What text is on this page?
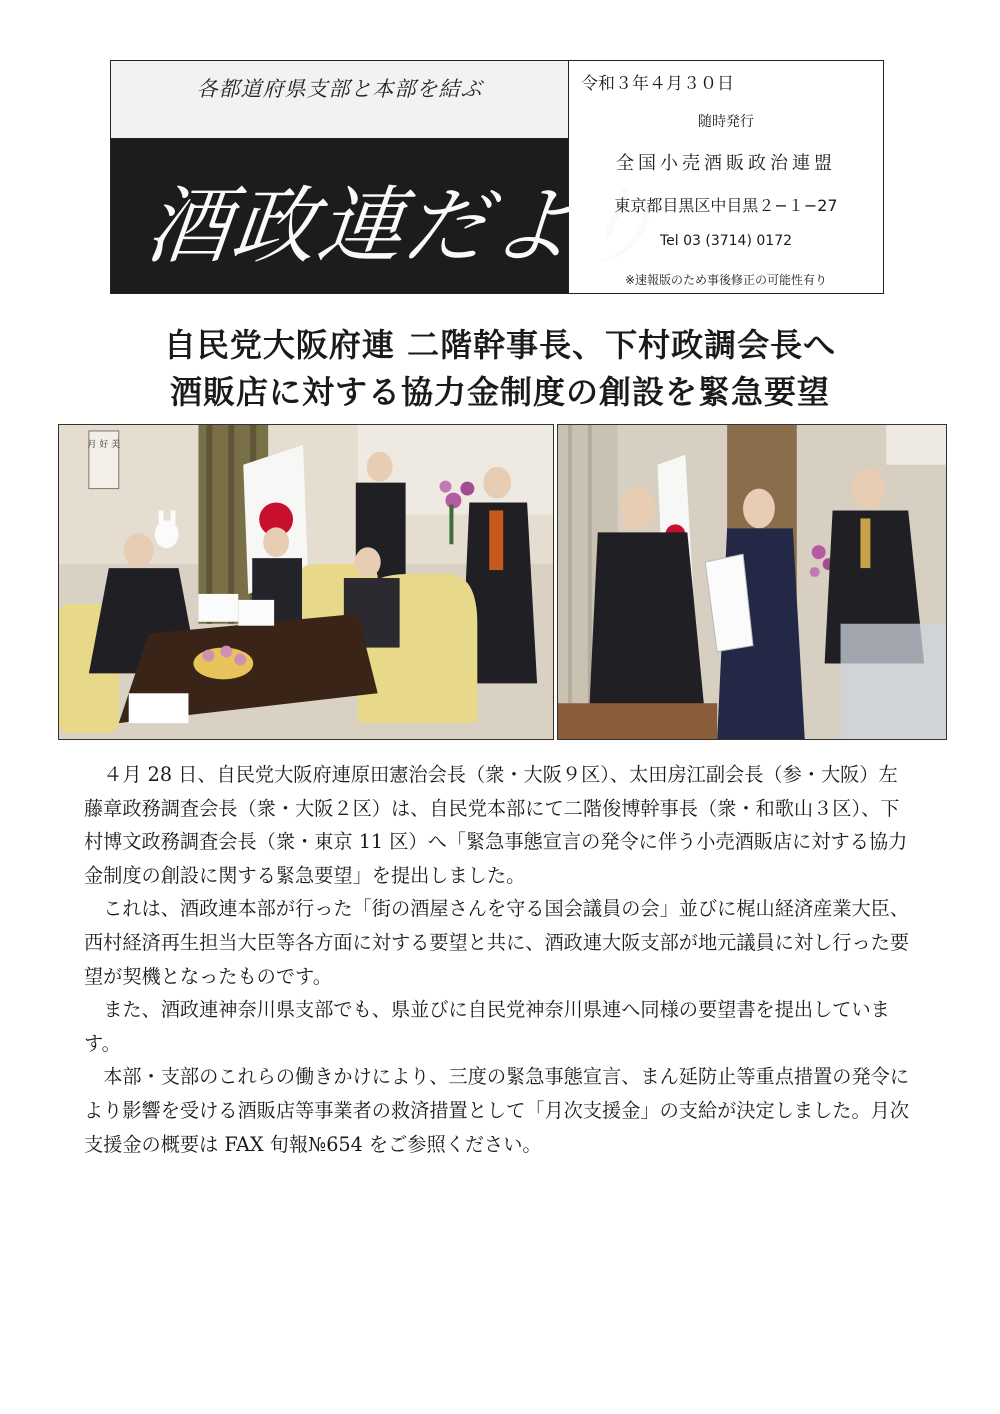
各都道府県支部と本部を結ぶ
酒政連だより
令和３年４月３０日
随時発行
全国小売酒販政治連盟
東京都目黒区中目黒２−１−27
Tel 03 (3714) 0172
※速報版のため事後修正の可能性有り
自民党大阪府連 二階幹事長、下村政調会長へ
酒販店に対する協力金制度の創設を緊急要望
月 好 美

４月 28 日、自民党大阪府連原田憲治会長（衆・大阪９区）、太田房江副会長（参・大阪）左藤章政務調査会長（衆・大阪２区）は、自民党本部にて二階俊博幹事長（衆・和歌山３区）、下村博文政務調査会長（衆・東京 11 区）へ「緊急事態宣言の発令に伴う小売酒販店に対する協力金制度の創設に関する緊急要望」を提出しました。

これは、酒政連本部が行った「街の酒屋さんを守る国会議員の会」並びに梶山経済産業大臣、西村経済再生担当大臣等各方面に対する要望と共に、酒政連大阪支部が地元議員に対し行った要望が契機となったものです。

また、酒政連神奈川県支部でも、県並びに自民党神奈川県連へ同様の要望書を提出しています。

本部・支部のこれらの働きかけにより、三度の緊急事態宣言、まん延防止等重点措置の発令により影響を受ける酒販店等事業者の救済措置として「月次支援金」の支給が決定しました。月次支援金の概要は FAX 旬報№654 をご参照ください。
